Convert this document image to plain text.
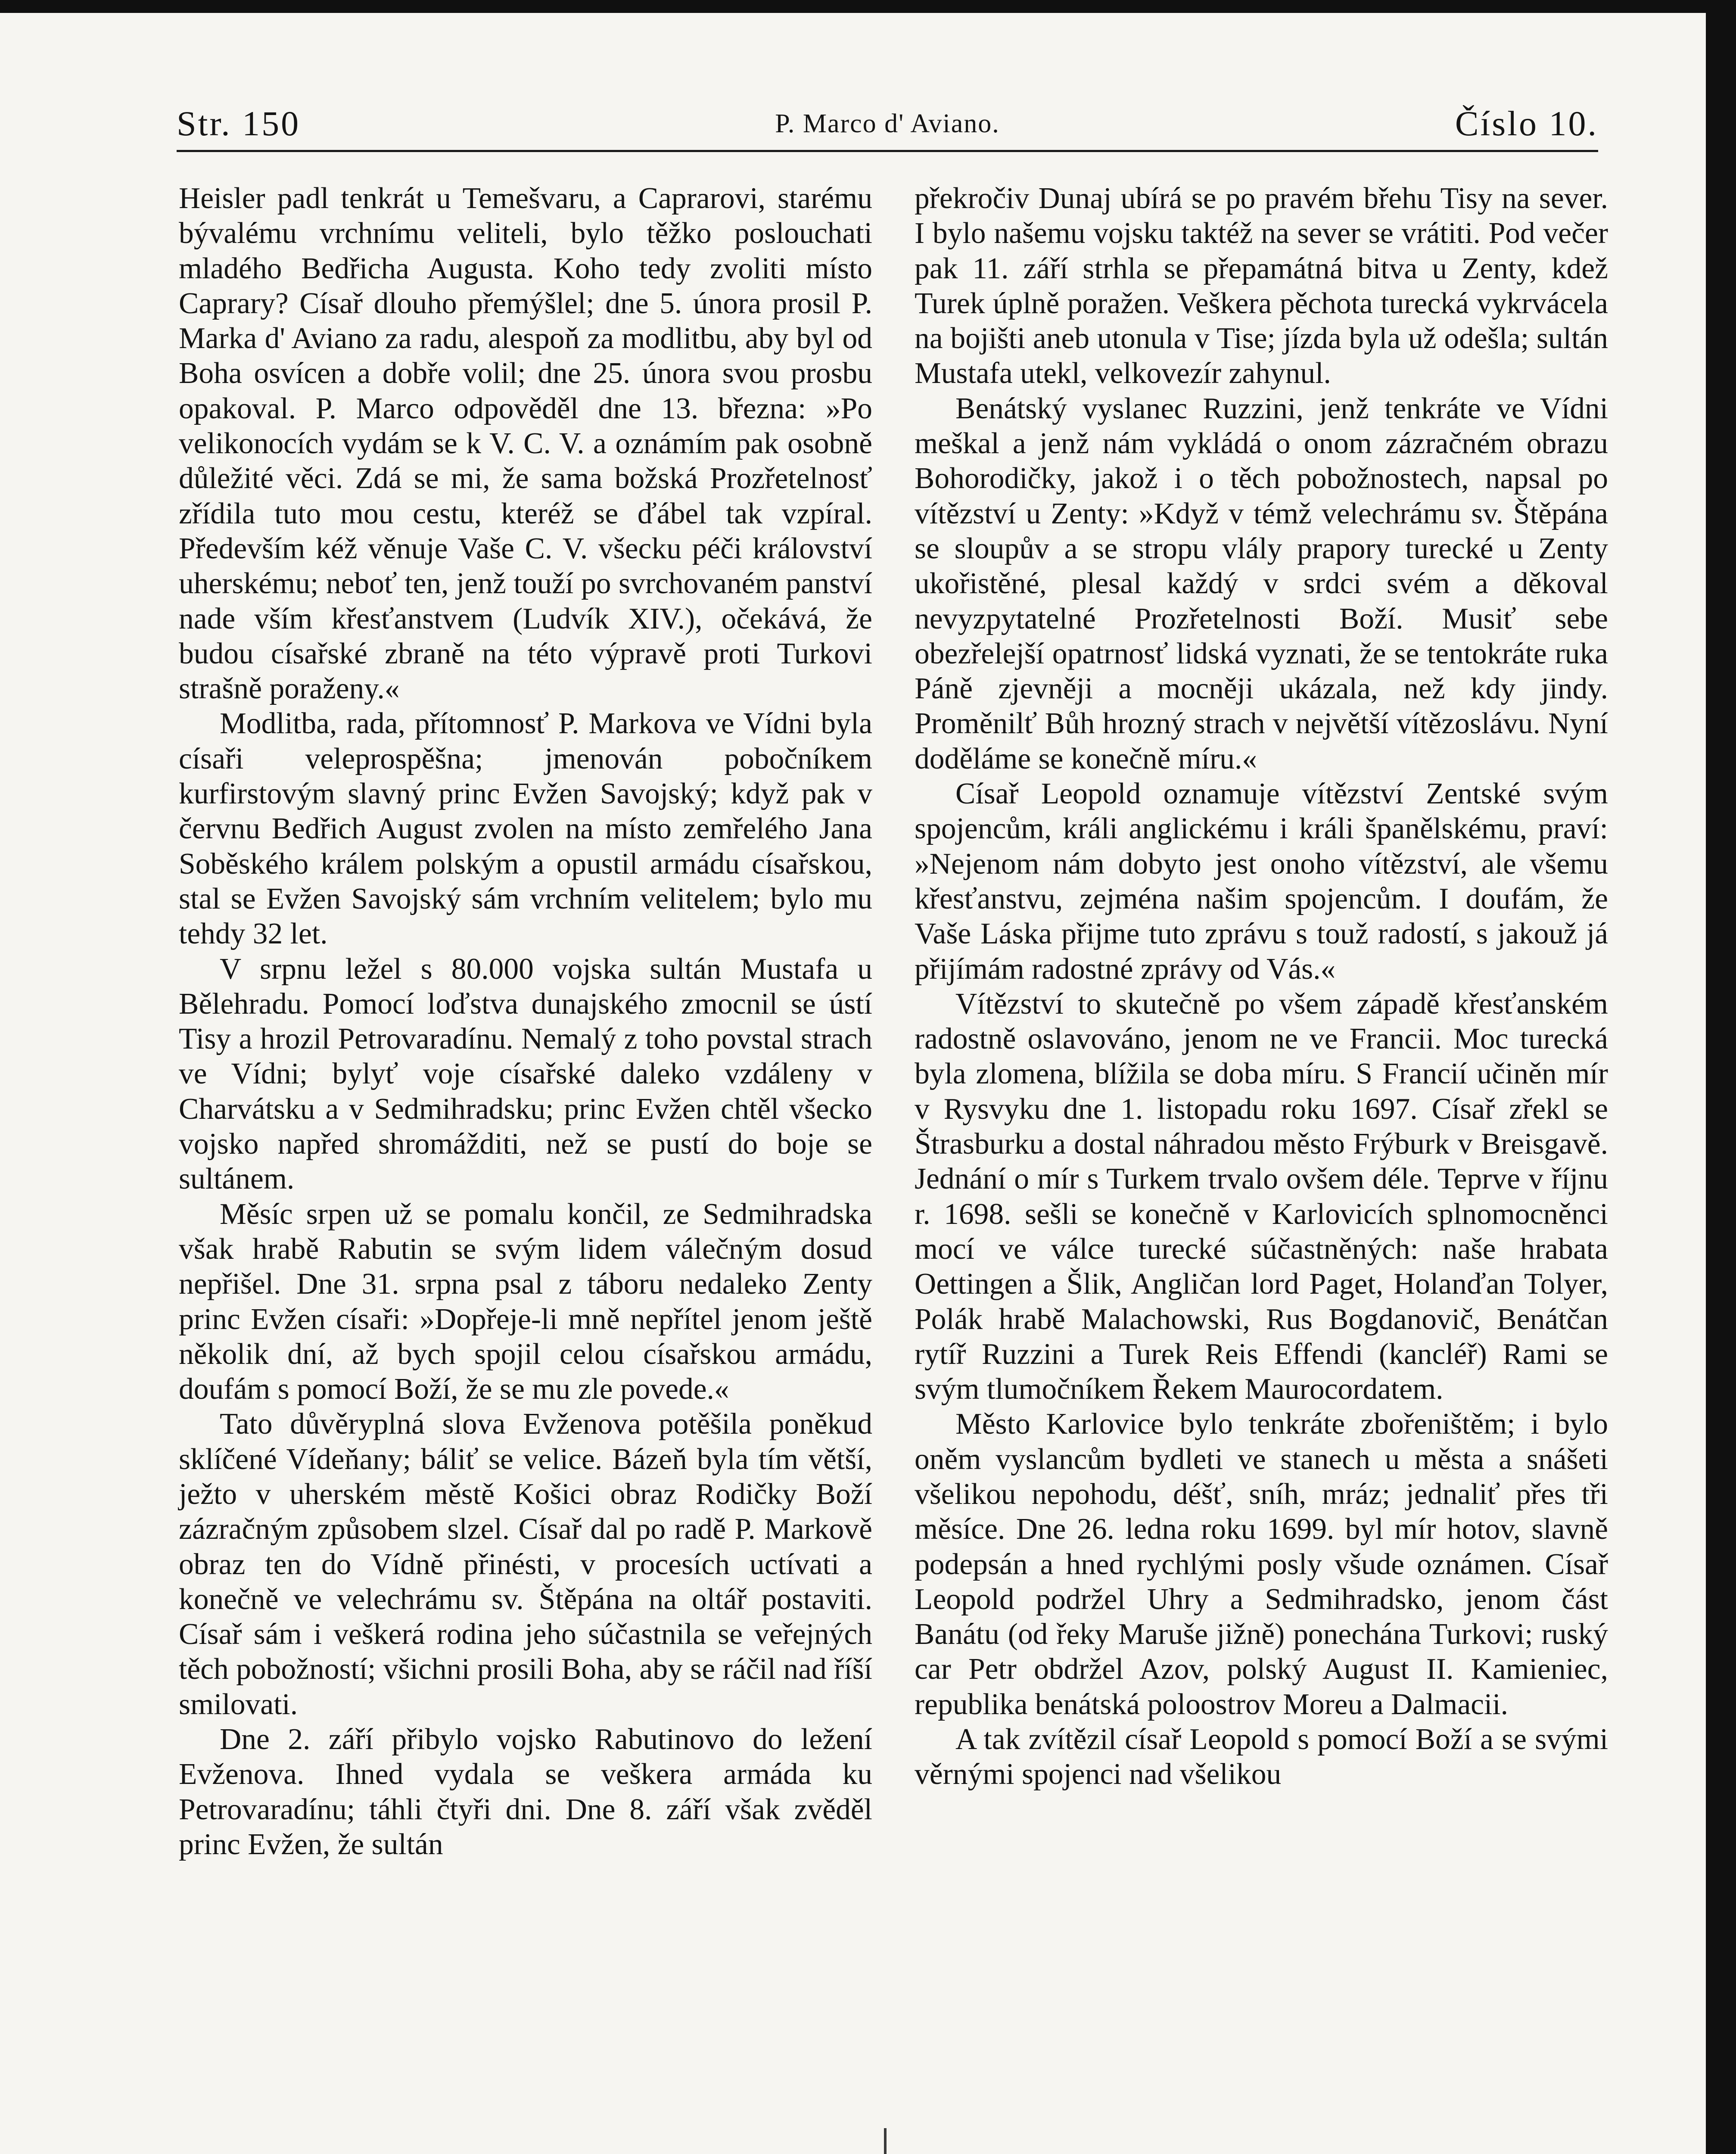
Str. 150	P. Marco d' Aviano.	Číslo 10.

Heisler padl tenkrát u Temešvaru, a Caprarovi, starému bývalému vrchnímu veliteli, bylo těžko poslouchati mladého Bedřicha Augusta. Koho tedy zvoliti místo Caprary? Císař dlouho přemýšlel; dne 5. února prosil P. Marka d' Aviano za radu, alespoň za modlitbu, aby byl od Boha osvícen a dobře volil; dne 25. února svou prosbu opakoval. P. Marco odpověděl dne 13. března: »Po velikonocích vydám se k V. C. V. a oznámím pak osobně důležité věci. Zdá se mi, že sama božská Prozřetelnosť zřídila tuto mou cestu, kteréž se ďábel tak vzpíral. Především kéž věnuje Vaše C. V. všecku péči království uherskému; neboť ten, jenž touží po svrchovaném panství nade vším křesťanstvem (Ludvík XIV.), očekává, že budou císařské zbraně na této výpravě proti Turkovi strašně poraženy.«

Modlitba, rada, přítomnosť P. Markova ve Vídni byla císaři veleprospěšna; jmenován pobočníkem kurfirstovým slavný princ Evžen Savojský; když pak v červnu Bedřich August zvolen na místo zemřelého Jana Soběského králem polským a opustil armádu císařskou, stal se Evžen Savojský sám vrchním velitelem; bylo mu tehdy 32 let.

V srpnu ležel s 80.000 vojska sultán Mustafa u Bělehradu. Pomocí loďstva dunajského zmocnil se ústí Tisy a hrozil Petrovaradínu. Nemalý z toho povstal strach ve Vídni; bylyť voje císařské daleko vzdáleny v Charvátsku a v Sedmihradsku; princ Evžen chtěl všecko vojsko napřed shromážditi, než se pustí do boje se sultánem.

Měsíc srpen už se pomalu končil, ze Sedmihradska však hrabě Rabutin se svým lidem válečným dosud nepřišel. Dne 31. srpna psal z táboru nedaleko Zenty princ Evžen císaři: »Dopřeje-li mně nepřítel jenom ještě několik dní, až bych spojil celou císařskou armádu, doufám s pomocí Boží, že se mu zle povede.«

Tato důvěryplná slova Evženova potěšila poněkud sklíčené Vídeňany; báliť se velice. Bázeň byla tím větší, ježto v uherském městě Košici obraz Rodičky Boží zázračným způsobem slzel. Císař dal po radě P. Markově obraz ten do Vídně přinésti, v procesích uctívati a konečně ve velechrámu sv. Štěpána na oltář postaviti. Císař sám i veškerá rodina jeho súčastnila se veřejných těch pobožností; všichni prosili Boha, aby se ráčil nad říší smilovati.

Dne 2. září přibylo vojsko Rabutinovo do ležení Evženova. Ihned vydala se veškera armáda ku Petrovaradínu; táhli čtyři dni. Dne 8. září však zvěděl princ Evžen, že sultán

překročiv Dunaj ubírá se po pravém břehu Tisy na sever. I bylo našemu vojsku taktéž na sever se vrátiti. Pod večer pak 11. září strhla se přepamátná bitva u Zenty, kdež Turek úplně poražen. Veškera pěchota turecká vykrvácela na bojišti aneb utonula v Tise; jízda byla už odešla; sultán Mustafa utekl, velkovezír zahynul.

Benátský vyslanec Ruzzini, jenž tenkráte ve Vídni meškal a jenž nám vykládá o onom zázračném obrazu Bohorodičky, jakož i o těch pobožnostech, napsal po vítězství u Zenty: »Když v témž velechrámu sv. Štěpána se sloupův a se stropu vlály prapory turecké u Zenty ukořistěné, plesal každý v srdci svém a děkoval nevyzpytatelné Prozřetelnosti Boží. Musiť sebe obezřelejší opatrnosť lidská vyznati, že se tentokráte ruka Páně zjevněji a mocněji ukázala, než kdy jindy. Proměnilť Bůh hrozný strach v největší vítězoslávu. Nyní doděláme se konečně míru.«

Císař Leopold oznamuje vítězství Zentské svým spojencům, králi anglickému i králi španělskému, praví: »Nejenom nám dobyto jest onoho vítězství, ale všemu křesťanstvu, zejména našim spojencům. I doufám, že Vaše Láska přijme tuto zprávu s touž radostí, s jakouž já přijímám radostné zprávy od Vás.«

Vítězství to skutečně po všem západě křesťanském radostně oslavováno, jenom ne ve Francii. Moc turecká byla zlomena, blížila se doba míru. S Francií učiněn mír v Rysvyku dne 1. listopadu roku 1697. Císař zřekl se Štrasburku a dostal náhradou město Frýburk v Breisgavě. Jednání o mír s Turkem trvalo ovšem déle. Teprve v říjnu r. 1698. sešli se konečně v Karlovicích splnomocněnci mocí ve válce turecké súčastněných: naše hrabata Oettingen a Šlik, Angličan lord Paget, Holanďan Tolyer, Polák hrabě Malachowski, Rus Bogdanovič, Benátčan rytíř Ruzzini a Turek Reis Effendi (kancléř) Rami se svým tlumočníkem Řekem Maurocordatem.

Město Karlovice bylo tenkráte zbořeništěm; i bylo oněm vyslancům bydleti ve stanech u města a snášeti všelikou nepohodu, déšť, sníh, mráz; jednaliť přes tři měsíce. Dne 26. ledna roku 1699. byl mír hotov, slavně podepsán a hned rychlými posly všude oznámen. Císař Leopold podržel Uhry a Sedmihradsko, jenom část Banátu (od řeky Maruše jižně) ponechána Turkovi; ruský car Petr obdržel Azov, polský August II. Kamieniec, republika benátská poloostrov Moreu a Dalmacii.

A tak zvítězil císař Leopold s pomocí Boží a se svými věrnými spojenci nad všelikou
